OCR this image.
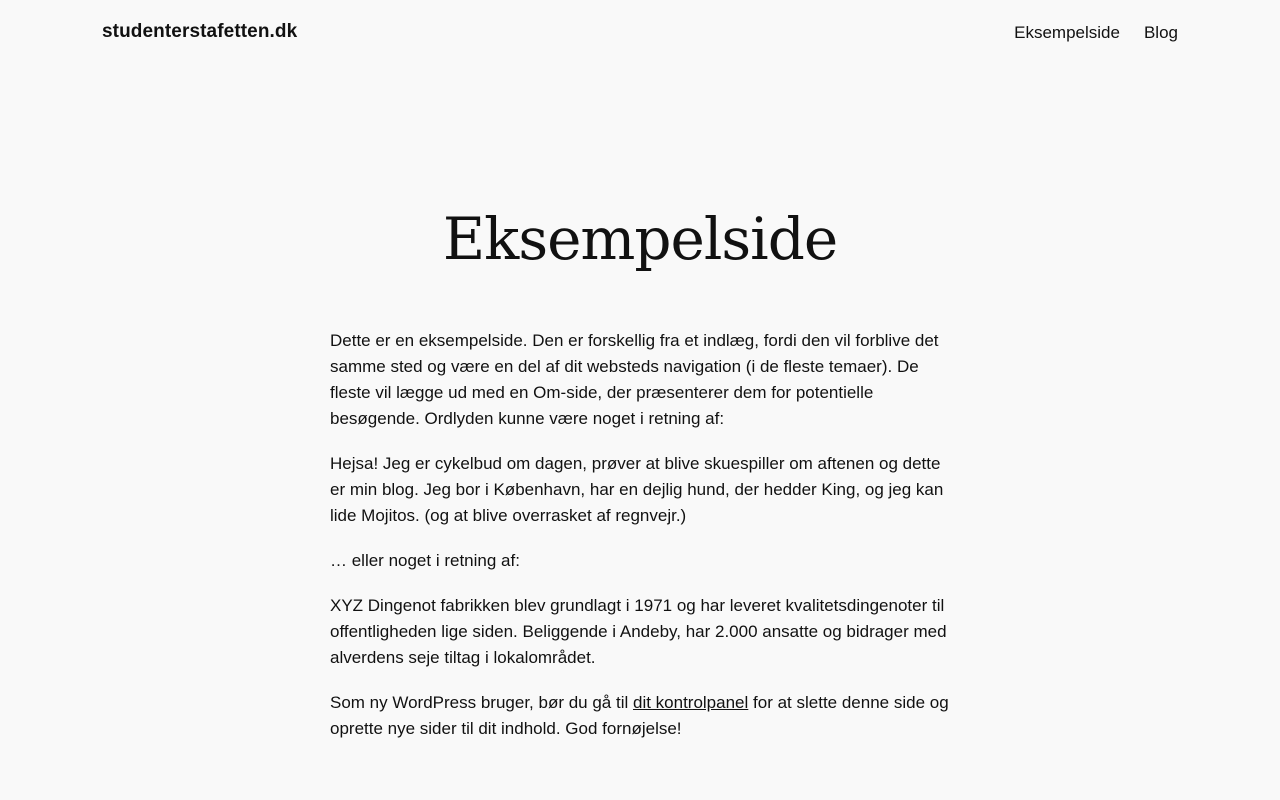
studenterstafetten.dk	Eksempelside Blog
Eksempelside

Dette er en eksempelside. Den er forskellig fra et indlæg, fordi den vil forblive det samme sted og være en del af dit websteds navigation (i de fleste temaer). De fleste vil lægge ud med en Om-side, der præsenterer dem for potentielle besøgende. Ordlyden kunne være noget i retning af:

Hejsa! Jeg er cykelbud om dagen, prøver at blive skuespiller om aftenen og dette er min blog. Jeg bor i København, har en dejlig hund, der hedder King, og jeg kan lide Mojitos. (og at blive overrasket af regnvejr.)

… eller noget i retning af:

XYZ Dingenot fabrikken blev grundlagt i 1971 og har leveret kvalitetsdingenoter til offentligheden lige siden. Beliggende i Andeby, har 2.000 ansatte og bidrager med alverdens seje tiltag i lokalområdet.

Som ny WordPress bruger, bør du gå til dit kontrolpanel for at slette denne side og oprette nye sider til dit indhold. God fornøjelse!
